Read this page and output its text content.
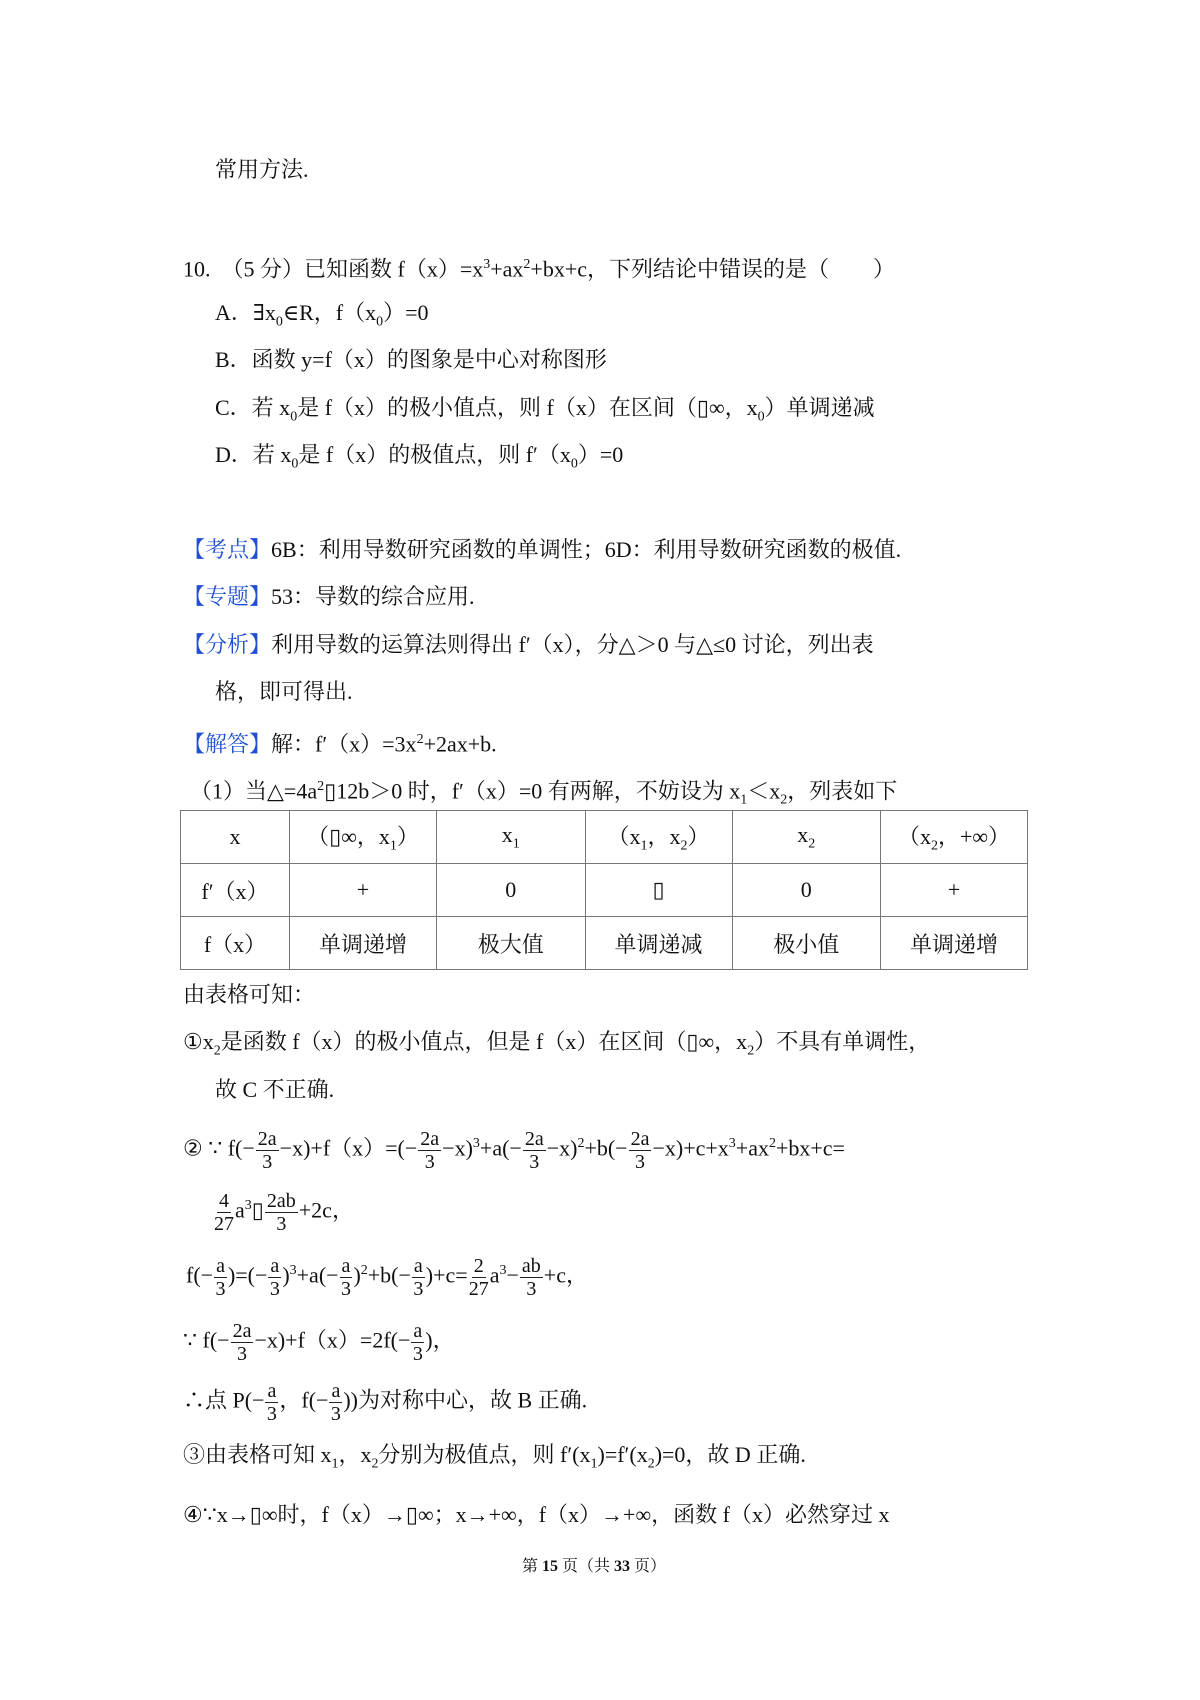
常用方法.
10.　（5 分）已知函数 $f(x)=x^3+ax^2+bx+c$，下列结论中错误的是（　　）
A．$\exists x_0\in R$，$f(x_0)=0$
B．函数 y=f（x）的图象是中心对称图形
C．若 $x_0$是 f（x）的极小值点，则 f（x）在区间（▯∞，$x_0$）单调递减
D．若 $x_0$是 f（x）的极值点，则 $f'(x_0)=0$
【考点】6B：利用导数研究函数的单调性；6D：利用导数研究函数的极值.
【专题】53：导数的综合应用.
【分析】利用导数的运算法则得出 f′（x），分△＞0 与△≤0 讨论，列出表
格，即可得出.
【解答】解：$f'(x)=3x^2+2ax+b$.
（1）当$\triangle=4a^2▯12b>0$ 时，f′（x）=0 有两解，不妨设为 $x_1<x_2$，列表如下
x	（▯∞，$x_1$）	$x_1$	（$x_1$，$x_2$）	$x_2$	（$x_2$，+∞）
f′（x）	+	0	▯	0	+
f（x）	单调递增	极大值	单调递减	极小值	单调递增
由表格可知：
$①x_2$是函数 f（x）的极小值点，但是 f（x）在区间（▯∞，$x_2$）不具有单调性，
故 C 不正确.
② ∵ $f(- \frac{2a}{3} -x)+f(x)=(- \frac{2a}{3} -x)^3+a(- \frac{2a}{3} -x)^2+b(- \frac{2a}{3} -x)+c+x^3+ax^2+bx+c=$
$\frac{4}{27}$ $a^3▯ \frac{2ab}{3} +2c$，
$f(- \frac{a}{3}$ )=(− $\frac{a}{3} )^3+a(- \frac{a}{3} )^2+b(- \frac{a}{3} )+c= \frac{2}{27} a^3- \frac{ab}{3} +c$，
∵ $f(- \frac{2a}{3} -x)+f(x)=2f(- \frac{a}{3}$ )，
∴点 $P(- \frac{a}{3}$ ，$f(- \frac{a}{3}$ ))为对称中心，故 B 正确.
③由表格可知 $x_1$，$x_2$分别为极值点，则 $f'(x_1)=f'(x_2)=0$，故 D 正确.
④∵x→▯∞时，f（x）→▯∞；x→+∞，f（x）→+∞，函数 f（x）必然穿过 x
第 15 页（共 33 页）
